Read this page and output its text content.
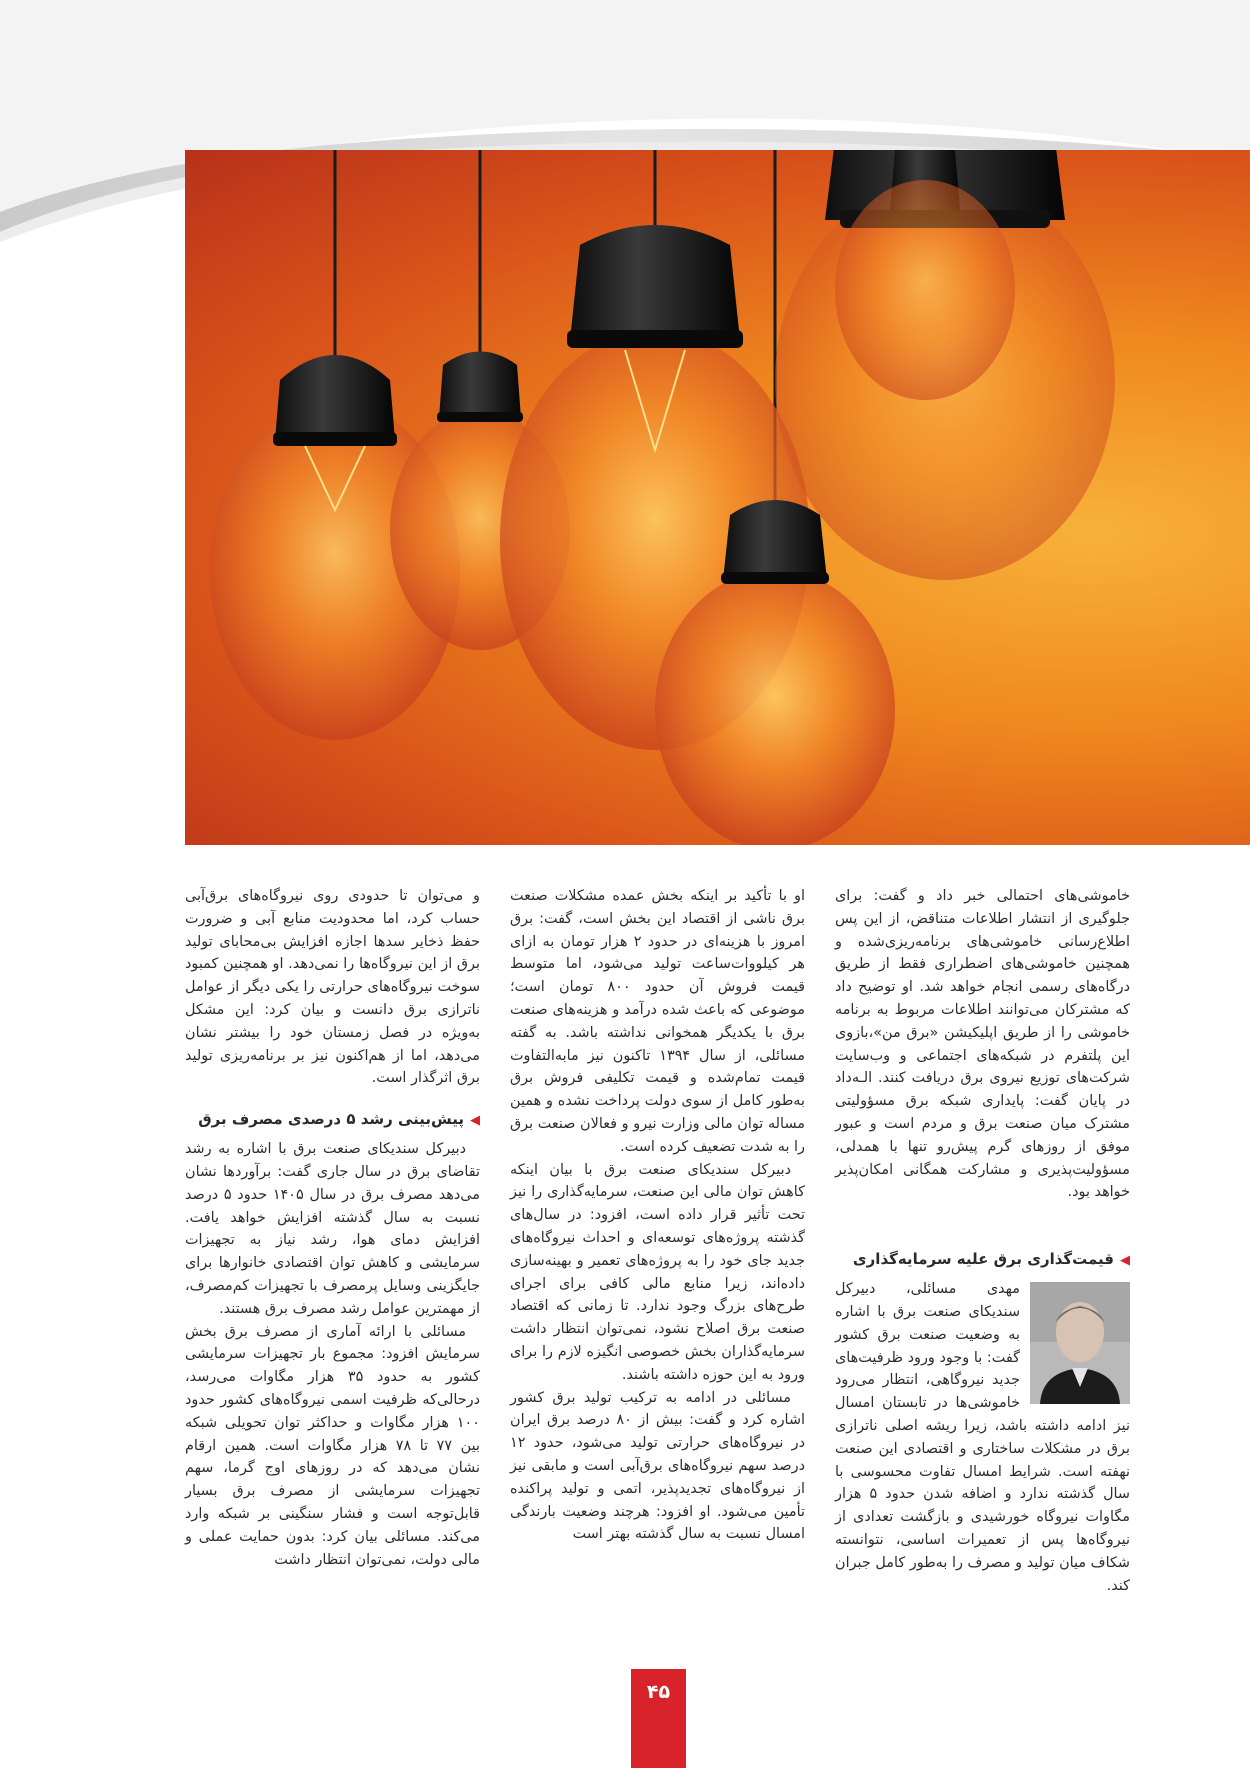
خاموشی‌های احتمالی خبر داد و گفت: برای جلوگیری از انتشار اطلاعات متناقض، از این پس اطلاع‌رسانی خاموشی‌های برنامه‌ریزی‌شده و همچنین خاموشی‌های اضطراری فقط از طریق درگاه‌های رسمی انجام خواهد شد. او توضیح داد که مشترکان می‌توانند اطلاعات مربوط به برنامه خاموشی را از طریق اپلیکیشن «برق من»،بازوی این پلتفرم در شبکه‌های اجتماعی و وب‌سایت شرکت‌های توزیع نیروی برق دریافت کنند. الـه‌داد در پایان گفت: پایداری شبکه برق مسؤولیتی مشترک میان صنعت برق و مردم است و عبور موفق از روزهای گرم پیش‌رو تنها با همدلی، مسؤولیت‌پذیری و مشارکت همگانی امکان‌پذیر خواهد بود.

◀قیمت‌گذاری برق علیه سرمایه‌گذاری

مهدی مسائلی، دبیرکل سندیکای صنعت برق با اشاره به وضعیت صنعت برق کشور گفت: با وجود ورود ظرفیت‌های جدید نیروگاهی، انتظار می‌رود خاموشی‌ها در تابستان امسال نیز ادامه داشته باشد، زیرا ریشه اصلی ناترازی برق در مشکلات ساختاری و اقتصادی این صنعت نهفته است. شرایط امسال تفاوت محسوسی با سال گذشته ندارد و اضافه شدن حدود ۵ هزار مگاوات نیروگاه خورشیدی و بازگشت تعدادی از نیروگاه‌ها پس از تعمیرات اساسی، نتوانسته شکاف میان تولید و مصرف را به‌طور کامل جبران کند.

او با تأکید بر اینکه بخش عمده مشکلات صنعت برق ناشی از اقتصاد این بخش است، گفت: برق امروز با هزینه‌ای در حدود ۲ هزار تومان به ازای هر کیلووات‌ساعت تولید می‌شود، اما متوسط قیمت فروش آن حدود ۸۰۰ تومان است؛ موضوعی که باعث شده درآمد و هزینه‌های صنعت برق با یکدیگر همخوانی نداشته باشد. به گفته مسائلی، از سال ۱۳۹۴ تاکنون نیز مابه‌التفاوت قیمت تمام‌شده و قیمت تکلیفی فروش برق به‌طور کامل از سوی دولت پرداخت نشده و همین مساله توان مالی وزارت نیرو و فعالان صنعت برق را به شدت تضعیف کرده است.

دبیرکل سندیکای صنعت برق با بیان اینکه کاهش توان مالی این صنعت، سرمایه‌گذاری را نیز تحت تأثیر قرار داده است، افزود: در سال‌های گذشته پروژه‌های توسعه‌ای و احداث نیروگاه‌های جدید جای خود را به پروژه‌های تعمیر و بهینه‌سازی داده‌اند، زیرا منابع مالی کافی برای اجرای طرح‌های بزرگ وجود ندارد. تا زمانی که اقتصاد صنعت برق اصلاح نشود، نمی‌توان انتظار داشت سرمایه‌گذاران بخش خصوصی انگیزه لازم را برای ورود به این حوزه داشته باشند.

مسائلی در ادامه به ترکیب تولید برق کشور اشاره کرد و گفت: بیش از ۸۰ درصد برق ایران در نیروگاه‌های حرارتی تولید می‌شود، حدود ۱۲ درصد سهم نیروگاه‌های برق‌آبی است و مابقی نیز از نیروگاه‌های تجدیدپذیر، اتمی و تولید پراکنده تأمین می‌شود. او افزود: هرچند وضعیت بارندگی امسال نسبت به سال گذشته بهتر است

و می‌توان تا حدودی روی نیروگاه‌های برق‌آبی حساب کرد، اما محدودیت منابع آبی و ضرورت حفظ ذخایر سدها اجازه افزایش بی‌محابای تولید برق از این نیروگاه‌ها را نمی‌دهد. او همچنین کمبود سوخت نیروگاه‌های حرارتی را یکی دیگر از عوامل ناترازی برق دانست و بیان کرد: این مشکل به‌ویژه در فصل زمستان خود را بیشتر نشان می‌دهد، اما از هم‌اکنون نیز بر برنامه‌ریزی تولید برق اثرگذار است.

◀پیش‌بینی رشد ۵ درصدی مصرف برق

دبیرکل سندیکای صنعت برق با اشاره به رشد تقاضای برق در سال جاری گفت: برآوردها نشان می‌دهد مصرف برق در سال ۱۴۰۵ حدود ۵ درصد نسبت به سال گذشته افزایش خواهد یافت. افزایش دمای هوا، رشد نیاز به تجهیزات سرمایشی و کاهش توان اقتصادی خانوارها برای جایگزینی وسایل پرمصرف با تجهیزات کم‌مصرف، از مهمترین عوامل رشد مصرف برق هستند.

مسائلی با ارائه آماری از مصرف برق بخش سرمایش افزود: مجموع بار تجهیزات سرمایشی کشور به حدود ۳۵ هزار مگاوات می‌رسد، درحالی‌که ظرفیت اسمی نیروگاه‌های کشور حدود ۱۰۰ هزار مگاوات و حداکثر توان تحویلی شبکه بین ۷۷ تا ۷۸ هزار مگاوات است. همین ارقام نشان می‌دهد که در روزهای اوج گرما، سهم تجهیزات سرمایشی از مصرف برق بسیار قابل‌توجه است و فشار سنگینی بر شبکه وارد می‌کند. مسائلی بیان کرد: بدون حمایت عملی و مالی دولت، نمی‌توان انتظار داشت

۴۵
